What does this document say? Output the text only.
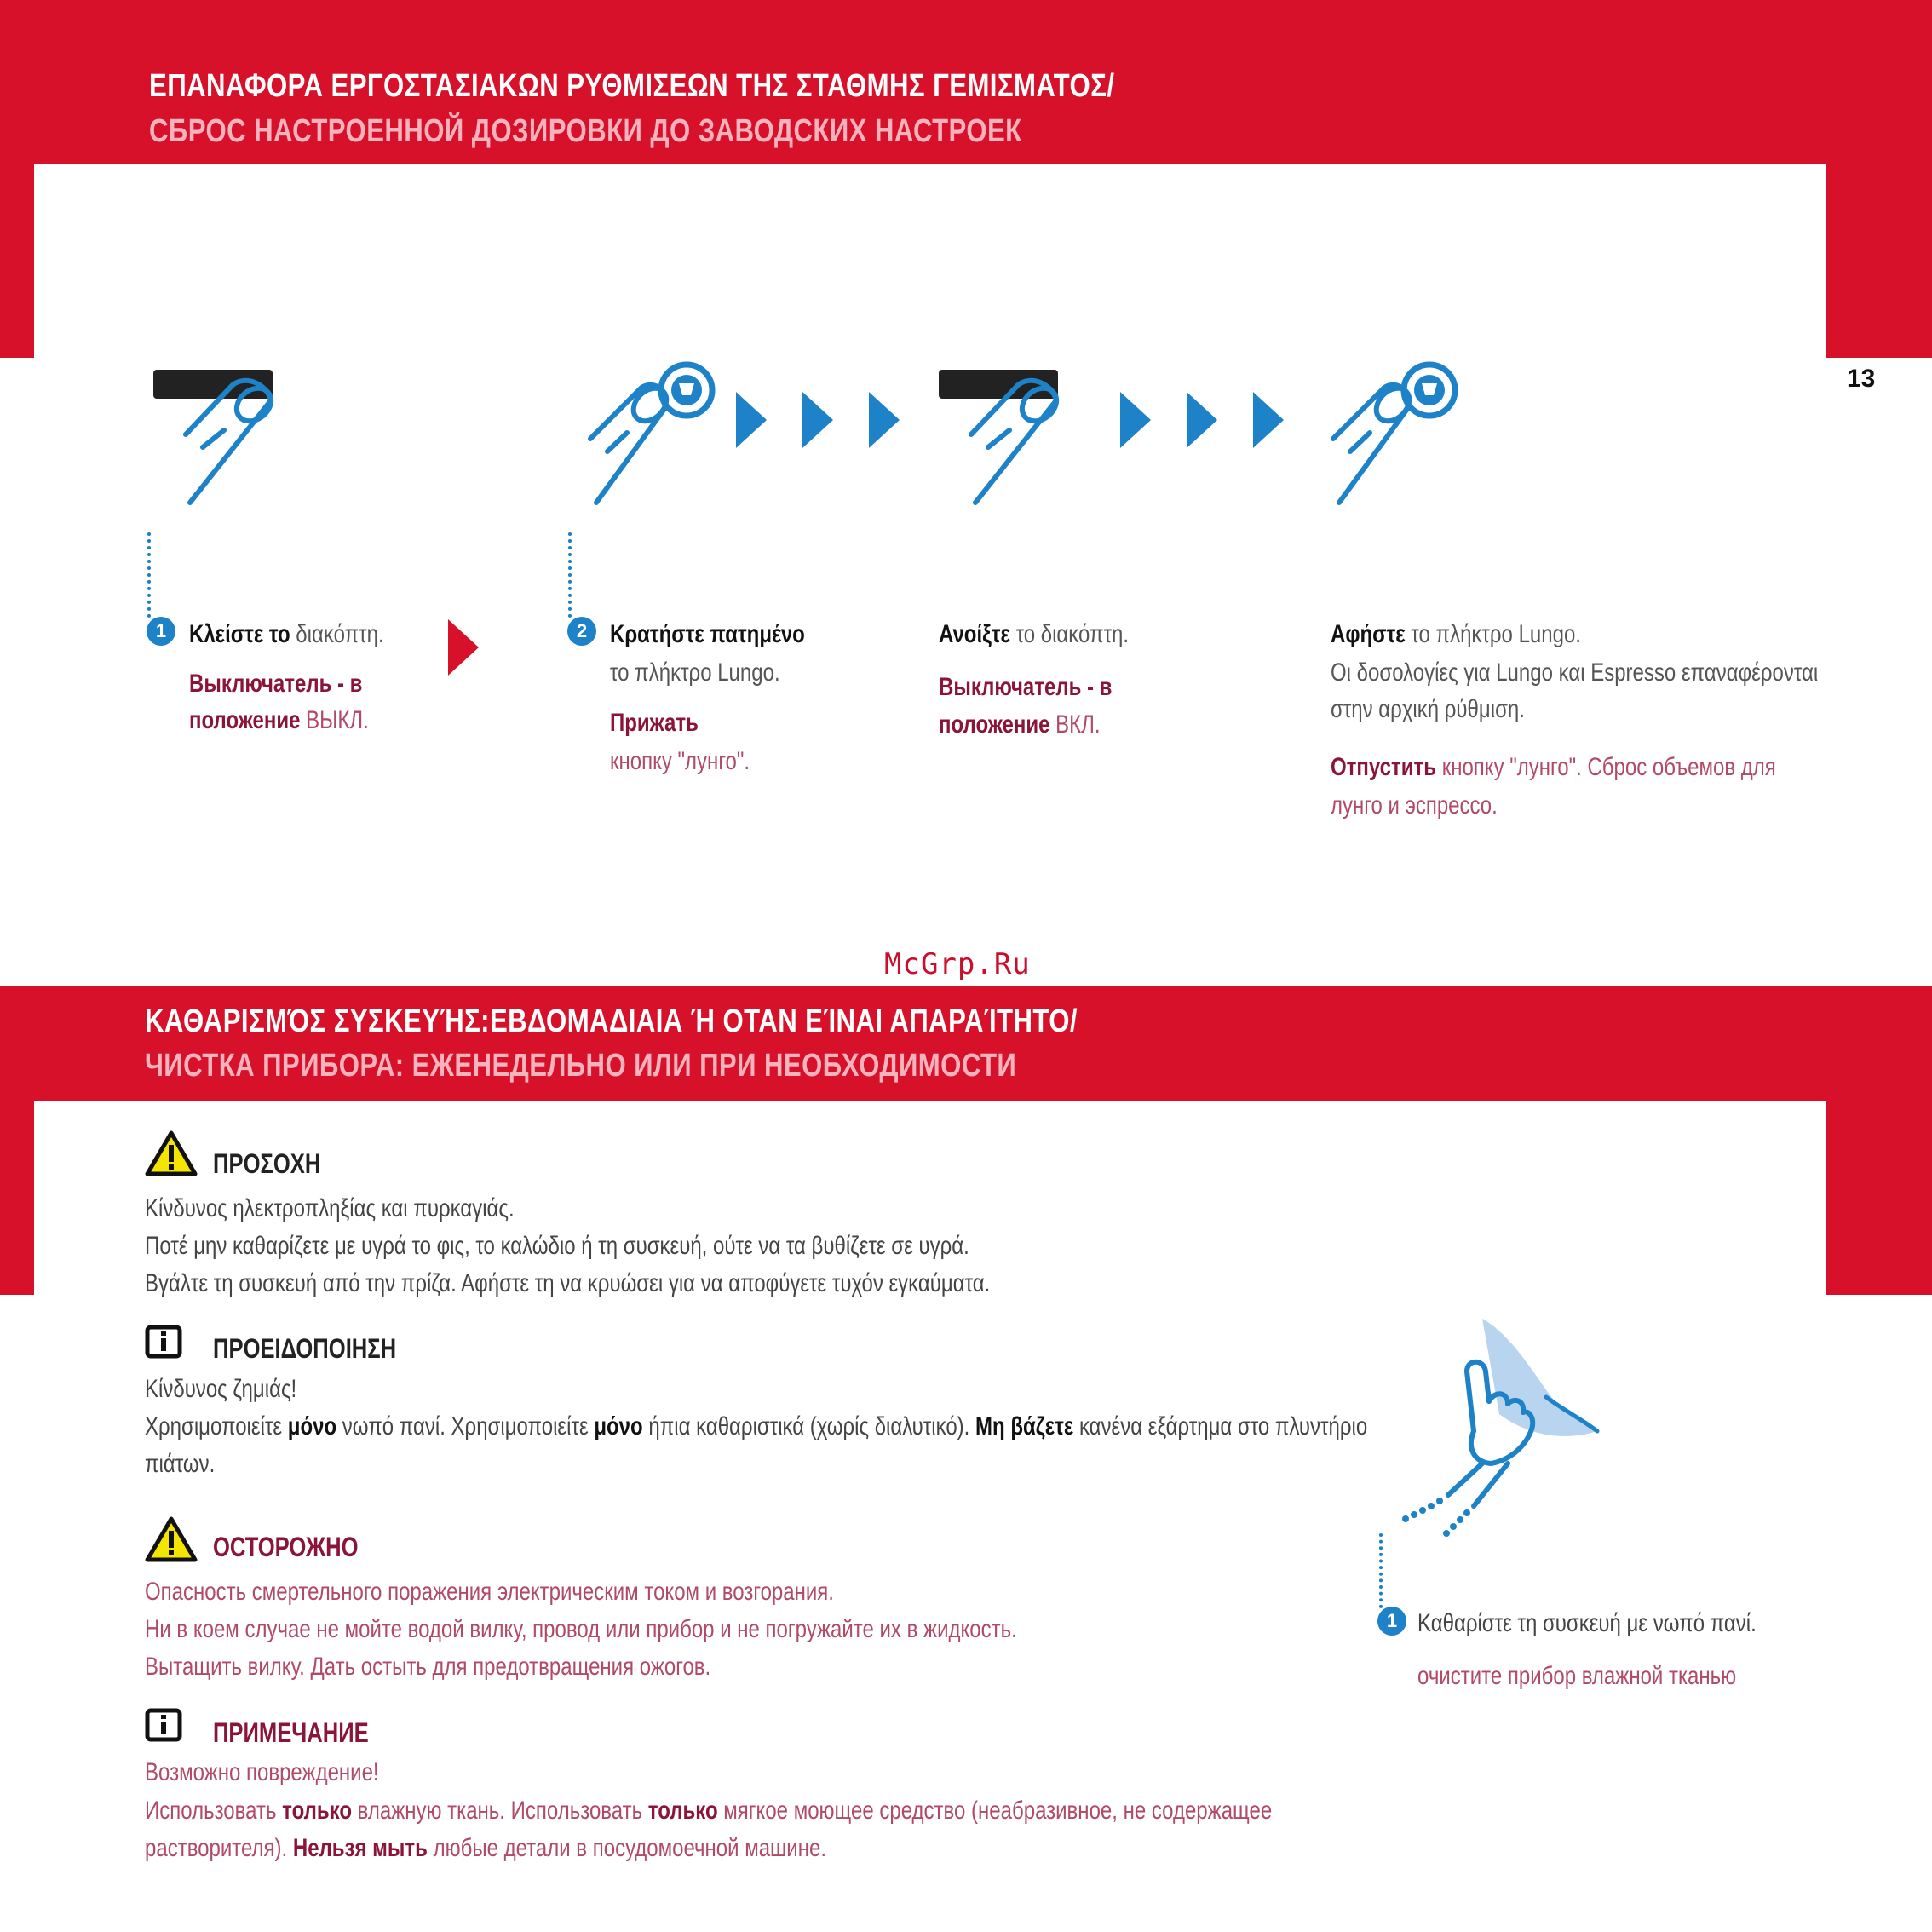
ΕΠΑΝΑΦΟΡΑ ΕΡΓΟΣΤΑΣΙΑΚΩΝ ΡΥΘΜΙΣΕΩΝ ΤΗΣ ΣΤΑΘΜΗΣ ΓΕΜΙΣΜΑΤΟΣ/
СБРОС НАСТРОЕННОЙ ДОЗИРОВКИ ДО ЗАВОДСКИХ НАСТРОЕК
13
1	2
Κλείστε το διακόπτη.
Выключатель - в
положение ВЫКЛ.
Κρατήστε πατημένο
το πλήκτρο Lungo.
Прижать
кнопку "лунго".
Ανοίξτε το διακόπτη.
Выключатель - в
положение ВКЛ.
Αφήστε το πλήκτρο Lungo.
Οι δοσολογίες για Lungo και Espresso επαναφέρονται
στην αρχική ρύθμιση.
Отпустить кнопку "лунго". Сброс объемов для
лунго и эспрессо.
McGrp.Ru
ΚΑΘΑΡΙΣΜΌΣ ΣΥΣΚΕΥΉΣ:ΕΒΔΟΜΑΔΙΑΙΑ Ή ΟΤΑΝ ΕΊΝΑΙ ΑΠΑΡΑΊΤΗΤΟ/
ЧИСТКА ПРИБОРА: ЕЖЕНЕДЕЛЬНО ИЛИ ПРИ НЕОБХОДИМОСТИ
ΠΡΟΣΟΧΗ
Κίνδυνος ηλεκτροπληξίας και πυρκαγιάς.
Ποτέ μην καθαρίζετε με υγρά το φις, το καλώδιο ή τη συσκευή, ούτε να τα βυθίζετε σε υγρά.
Βγάλτε τη συσκευή από την πρίζα. Αφήστε τη να κρυώσει για να αποφύγετε τυχόν εγκαύματα.
ΠΡΟΕΙΔΟΠΟΙΗΣΗ
Κίνδυνος ζημιάς!
Χρησιμοποιείτε μόνο νωπό πανί. Χρησιμοποιείτε μόνο ήπια καθαριστικά (χωρίς διαλυτικό). Μη βάζετε κανένα εξάρτημα στο πλυντήριο
πιάτων.
ОСТОРОЖНО
Опасность смертельного поражения электрическим током и возгорания.
Ни в коем случае не мойте водой вилку, провод или прибор и не погружайте их в жидкость.
Вытащить вилку. Дать остыть для предотвращения ожогов.
ПРИМЕЧАНИЕ
Возможно повреждение!
Использовать только влажную ткань. Использовать только мягкое моющее средство (неабразивное, не содержащее
растворителя). Нельзя мыть любые детали в посудомоечной машине.
1 Καθαρίστε τη συσκευή με νωπό πανί.
очистите прибор влажной тканью
